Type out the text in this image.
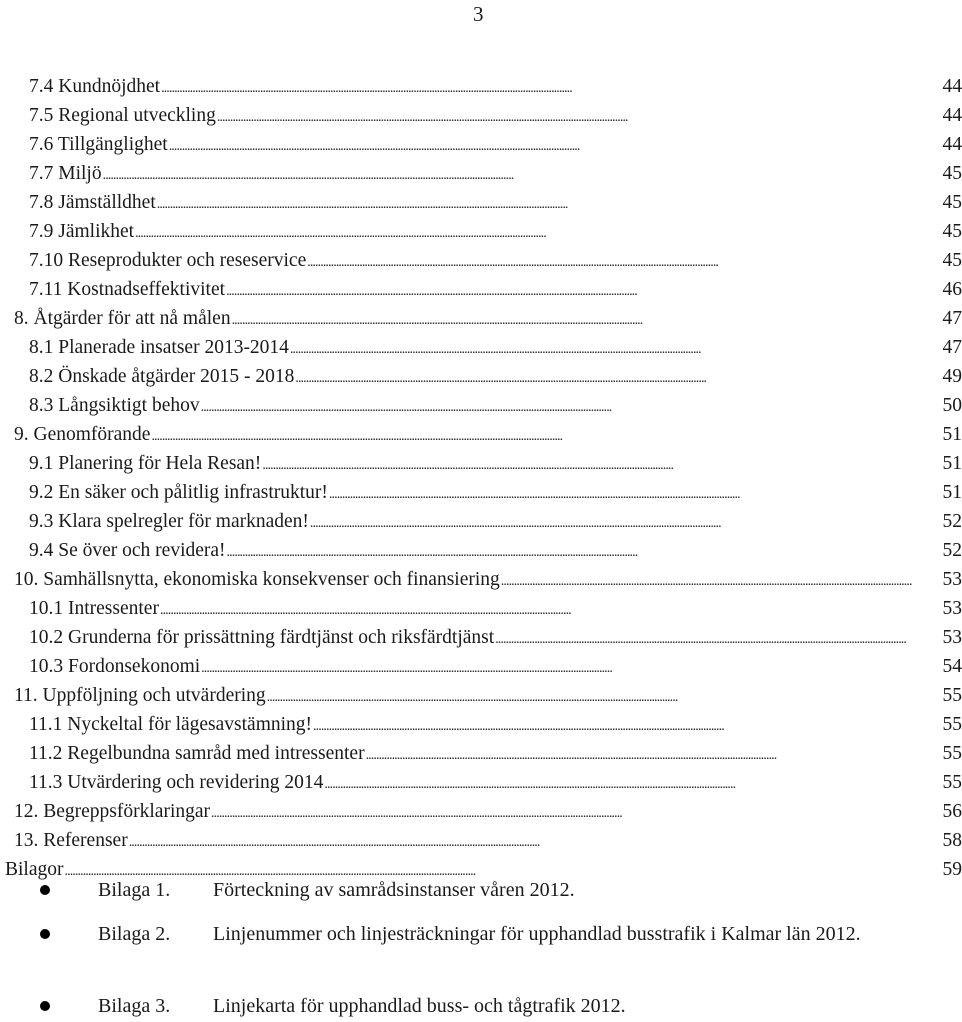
3
7.4 Kundnöjdhet . . .	44
7.5 Regional utveckling . . .	44
7.6 Tillgänglighet . . .	44
7.7 Miljö . . .	45
7.8 Jämställdhet . . .	45
7.9 Jämlikhet . . .	45
7.10 Reseprodukter och reseservice . . .	45
7.11 Kostnadseffektivitet . . .	46
8. Åtgärder för att nå målen . . .	47
8.1 Planerade insatser 2013-2014 . . .	47
8.2 Önskade åtgärder 2015 - 2018 . . .	49
8.3 Långsiktigt behov . . .	50
9. Genomförande . . .	51
9.1 Planering för Hela Resan! . . .	51
9.2 En säker och pålitlig infrastruktur! . . .	51
9.3 Klara spelregler för marknaden! . . .	52
9.4 Se över och revidera! . . .	52
10. Samhällsnytta, ekonomiska konsekvenser och finansiering . . .	53
10.1 Intressenter . . .	53
10.2 Grunderna för prissättning färdtjänst och riksfärdtjänst . . .	53
10.3 Fordonsekonomi . . .	54
11. Uppföljning och utvärdering . . .	55
11.1 Nyckeltal för lägesavstämning! . . .	55
11.2 Regelbundna samråd med intressenter . . .	55
11.3 Utvärdering och revidering 2014 . . .	55
12. Begreppsförklaringar . . .	56
13. Referenser . . .	58
Bilagor . . .	59
Bilaga 1. Förteckning av samrådsinstanser våren 2012.
Bilaga 2. Linjenummer och linjesträckningar för upphandlad busstrafik i Kalmar län 2012.
Bilaga 3. Linjekarta för upphandlad buss- och tågtrafik 2012.
